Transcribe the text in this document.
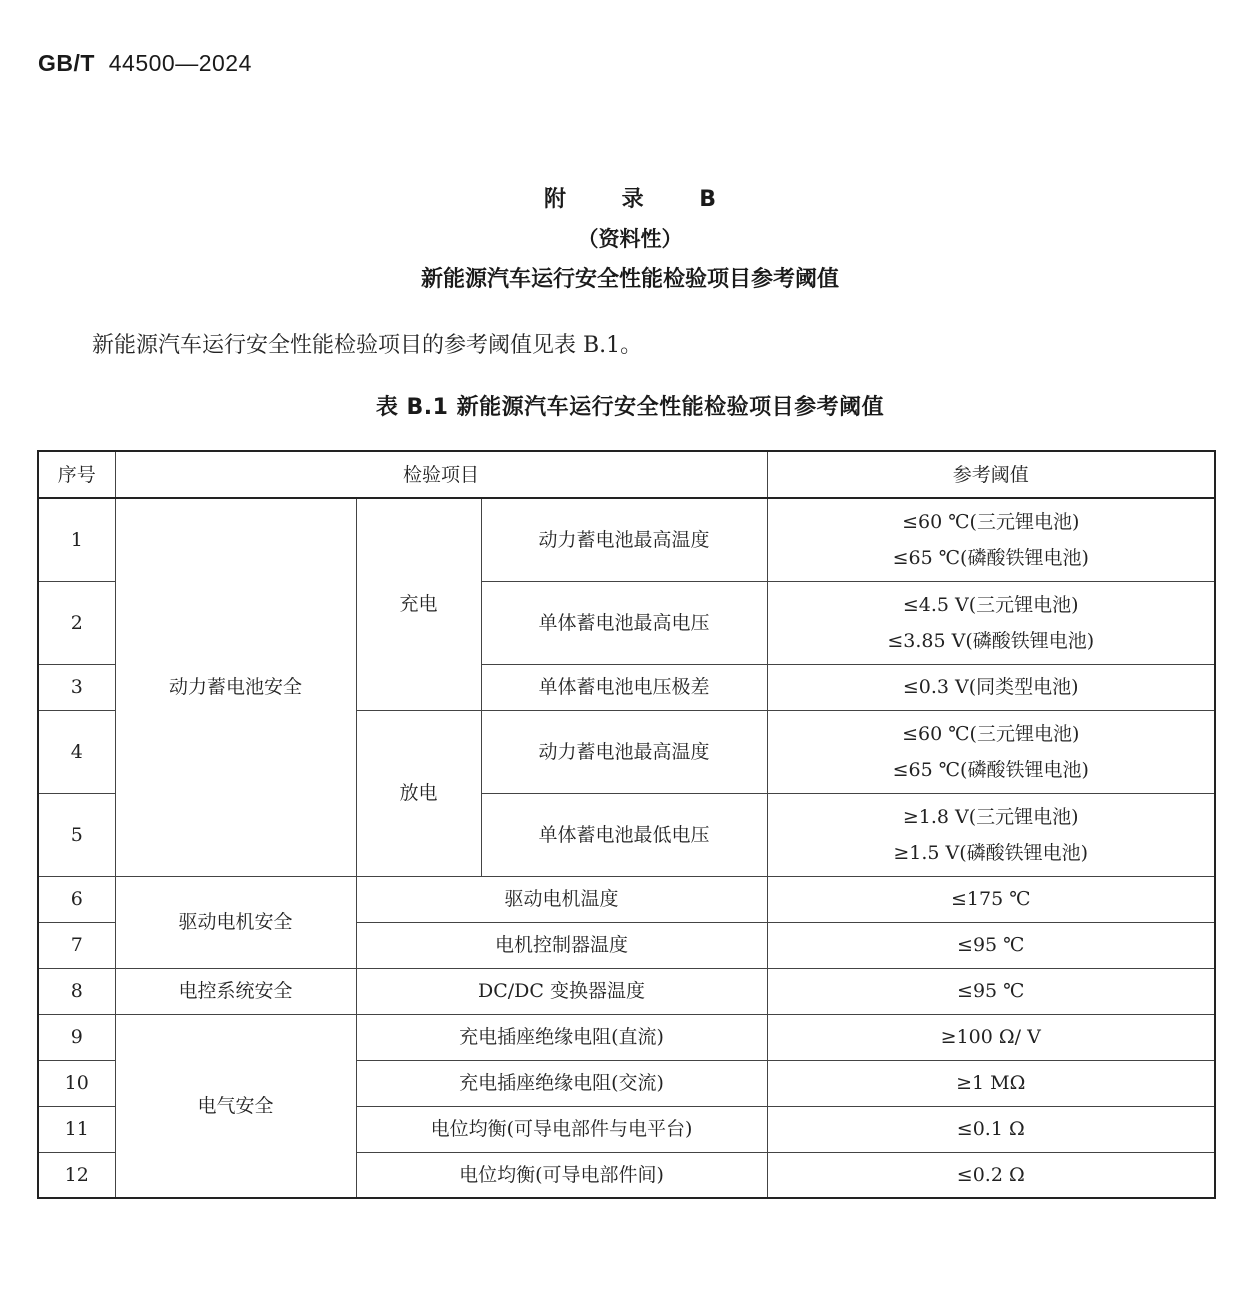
GB/T 44500—2024
附 录 B
（资料性）
新能源汽车运行安全性能检验项目参考阈值
新能源汽车运行安全性能检验项目的参考阈值见表 B.1。
表 B.1 新能源汽车运行安全性能检验项目参考阈值
序号	检验项目			参考阈值
1	动力蓄电池安全	充电	动力蓄电池最高温度	≤60 ℃(三元锂电池)
≤65 ℃(磷酸铁锂电池)

2			单体蓄电池最高电压	≤4.5 V(三元锂电池)
≤3.85 V(磷酸铁锂电池)

3			单体蓄电池电压极差	≤0.3 V(同类型电池)

4		放电	动力蓄电池最高温度	≤60 ℃(三元锂电池)
≤65 ℃(磷酸铁锂电池)

5			单体蓄电池最低电压	≥1.8 V(三元锂电池)
≥1.5 V(磷酸铁锂电池)

6	驱动电机安全	驱动电机温度		≤175 ℃
7		电机控制器温度		≤95 ℃
8	电控系统安全	DC/DC 变换器温度		≤95 ℃
9	电气安全	充电插座绝缘电阻(直流)		≥100 Ω/ V
10		充电插座绝缘电阻(交流)		≥1 MΩ
11		电位均衡(可导电部件与电平台)		≤0.1 Ω
12		电位均衡(可导电部件间)		≤0.2 Ω
